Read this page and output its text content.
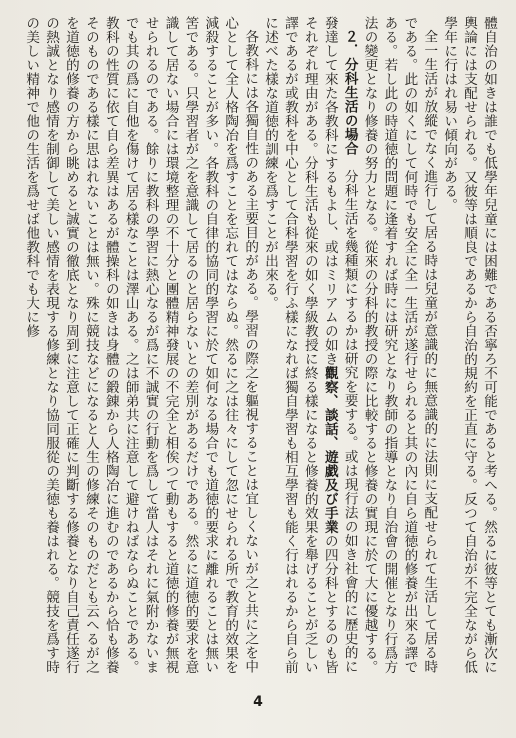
體自治の如きは誰でも低學年兒童には困難である否寧ろ不可能であると考へる。然るに彼等とても漸次に輿論には支配せられる。又彼等は順良であるから自治的規約を正直に守る。反つて自治が不完全ながら低學年に行はれ易い傾向がある。

全一生活が放縱でなく進行して居る時は兒童が意識的に無意識的に法則に支配せられて生活して居る時である。此の如くにして何時でも安全に全一生活が遂行せられると其の內に自ら道徳的修養が出來る譯である。若し此の時道徳的問題に逢着すれば時には研究となり教師の指導となり自治會の開催となり行爲方法の變更となり修養の努力となる。從來の分科的教授の際に比較すると修養の實現に於て大に優越する。

２．分科生活の場合　分科生活を幾種類にするかは研究を要する。或は現行法の如き社會的に歷史的に發達して來た各教科にするもよし、或はミリアムの如き觀察、談話、遊戯及び手業の四分科とするのも皆それぞれ理由がある。分科生活も從來の如く學級教授に終る樣になると修養的效果を舉げることが乏しい譯であるが或教科を中心として合科學習を行ふ樣になれば獨自學習も相互學習も能く行はれるから自ら前に述べた樣な道徳的訓練を爲すことが出來る。

各教科には各獨自性のある主要目的がある。學習の際之を軀視することは宜しくないが之と共に之を中心として全人格陶冶を爲すことを忘れてはならぬ。然るに之は往々にして忽にせられる所で教育的效果を減殺することが多い。各教科の自律的協同的學習に於て如何なる場合でも道徳的要求に離れることは無い筈である。只學習者が之を意識して居るのと居らないとの差別があるだけである。然るに道徳的要求を意識して居ない場合には環境整理の不十分と團體精神發展の不完全と相俟つて動もすると道徳的修養が無視せられるのである。餘りに教科の學習に熱心なるが爲に不誠實の行動を爲して當人はそれに氣附かないまでも其の爲に自他を傷けて居る樣なことは澤山ある。之は師弟共に注意して避けねばならぬことである。教科の性質に依て自ら差異はあるが體操科の如きは身體の鍛錬から人格陶冶に進むのであるから恰も修養そのものである樣に思はれないことは無い。殊に競技などになると人生の修練そのものだとも云へるが之を道徳的修養の方から眺めると誠實の徹底となり周到に注意して正確に判斷する修養となり自己責任遂行の熱誠となり感情を制御して美しい感情を表現する修練となり協同服從の美徳も養はれる。競技を爲す時の美しい精神で他の生活を爲せば他教科でも大に修

4
